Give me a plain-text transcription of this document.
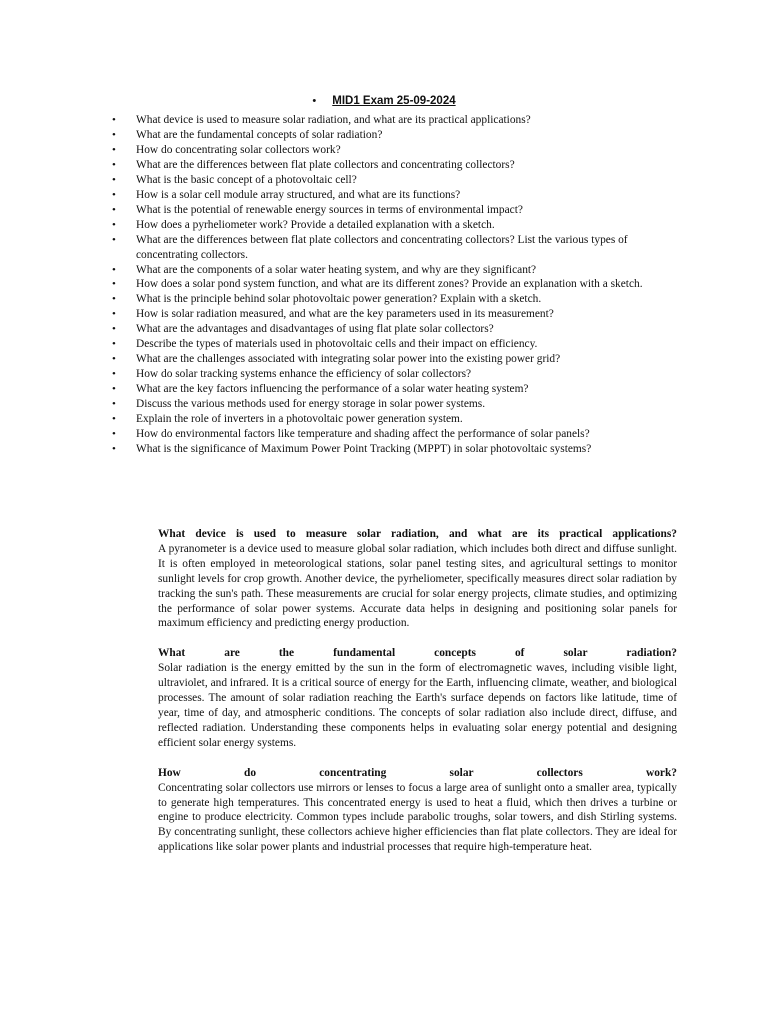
• MID1 Exam 25-09-2024
• What device is used to measure solar radiation, and what are its practical applications?
• What are the fundamental concepts of solar radiation?
• How do concentrating solar collectors work?
• What are the differences between flat plate collectors and concentrating collectors?
• What is the basic concept of a photovoltaic cell?
• How is a solar cell module array structured, and what are its functions?
• What is the potential of renewable energy sources in terms of environmental impact?
• How does a pyrheliometer work? Provide a detailed explanation with a sketch.
• What are the differences between flat plate collectors and concentrating collectors? List the various types of concentrating collectors.
• What are the components of a solar water heating system, and why are they significant?
• How does a solar pond system function, and what are its different zones? Provide an explanation with a sketch.
• What is the principle behind solar photovoltaic power generation? Explain with a sketch.
• How is solar radiation measured, and what are the key parameters used in its measurement?
• What are the advantages and disadvantages of using flat plate solar collectors?
• Describe the types of materials used in photovoltaic cells and their impact on efficiency.
• What are the challenges associated with integrating solar power into the existing power grid?
• How do solar tracking systems enhance the efficiency of solar collectors?
• What are the key factors influencing the performance of a solar water heating system?
• Discuss the various methods used for energy storage in solar power systems.
• Explain the role of inverters in a photovoltaic power generation system.
• How do environmental factors like temperature and shading affect the performance of solar panels?
• What is the significance of Maximum Power Point Tracking (MPPT) in solar photovoltaic systems?
What device is used to measure solar radiation, and what are its practical applications?
A pyranometer is a device used to measure global solar radiation, which includes both direct and diffuse sunlight. It is often employed in meteorological stations, solar panel testing sites, and agricultural settings to monitor sunlight levels for crop growth. Another device, the pyrheliometer, specifically measures direct solar radiation by tracking the sun's path. These measurements are crucial for solar energy projects, climate studies, and optimizing the performance of solar power systems. Accurate data helps in designing and positioning solar panels for maximum efficiency and predicting energy production.
What are the fundamental concepts of solar radiation?
Solar radiation is the energy emitted by the sun in the form of electromagnetic waves, including visible light, ultraviolet, and infrared. It is a critical source of energy for the Earth, influencing climate, weather, and biological processes. The amount of solar radiation reaching the Earth's surface depends on factors like latitude, time of year, time of day, and atmospheric conditions. The concepts of solar radiation also include direct, diffuse, and reflected radiation. Understanding these components helps in evaluating solar energy potential and designing efficient solar energy systems.
How do concentrating solar collectors work?
Concentrating solar collectors use mirrors or lenses to focus a large area of sunlight onto a smaller area, typically to generate high temperatures. This concentrated energy is used to heat a fluid, which then drives a turbine or engine to produce electricity. Common types include parabolic troughs, solar towers, and dish Stirling systems. By concentrating sunlight, these collectors achieve higher efficiencies than flat plate collectors. They are ideal for applications like solar power plants and industrial processes that require high-temperature heat.
